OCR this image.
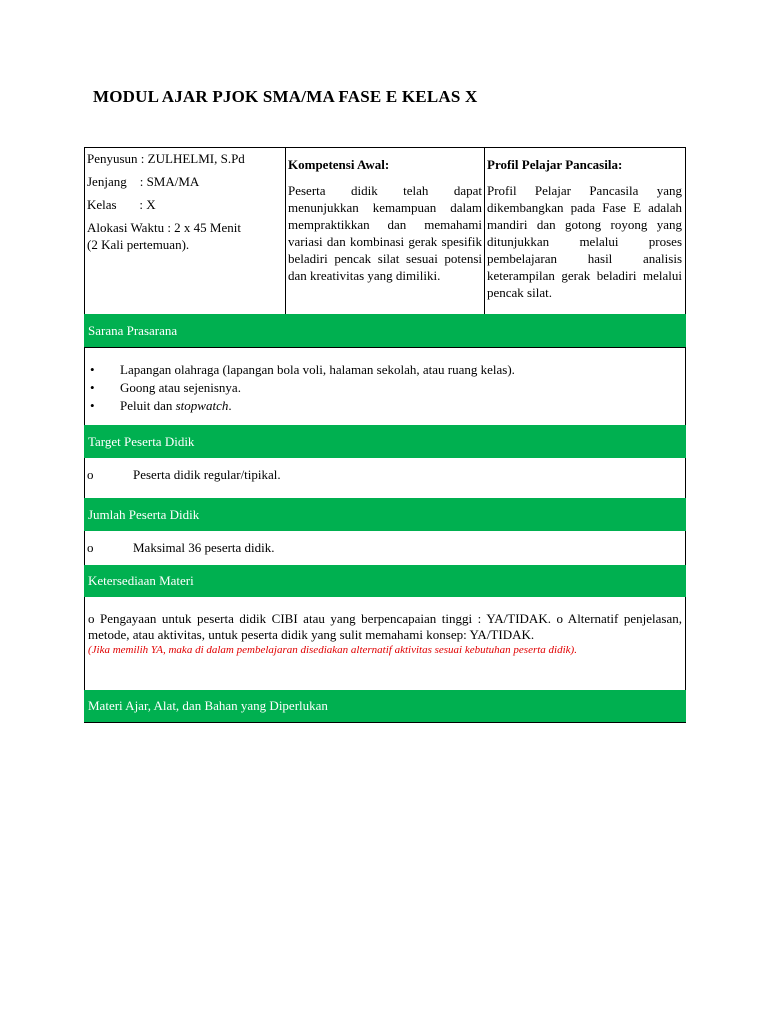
MODUL AJAR PJOK SMA/MA FASE E KELAS X

Penyusun : ZULHELMI, S.Pd

Jenjang    : SMA/MA

Kelas       : X

Alokasi Waktu : 2 x 45 Menit

(2 Kali pertemuan).

Kompetensi Awal:

Peserta didik telah dapat menunjukkan kemampuan dalam mempraktikkan dan memahami variasi dan kombinasi gerak spesifik beladiri pencak silat sesuai potensi dan kreativitas yang dimiliki.

Profil Pelajar Pancasila:

Profil Pelajar Pancasila yang dikembangkan pada Fase E adalah mandiri dan gotong royong yang ditunjukkan melalui proses pembelajaran hasil analisis keterampilan gerak beladiri melalui pencak silat.

Sarana Prasarana
• Lapangan olahraga (lapangan bola voli, halaman sekolah, atau ruang kelas).
• Goong atau sejenisnya.
• Peluit dan stopwatch.
Target Peserta Didik
o	Peserta didik regular/tipikal.
Jumlah Peserta Didik
o	Maksimal 36 peserta didik.
Ketersediaan Materi

o Pengayaan untuk peserta didik CIBI atau yang berpencapaian tinggi : YA/TIDAK. o Alternatif penjelasan, metode, atau aktivitas, untuk peserta didik yang sulit memahami konsep: YA/TIDAK.

(Jika memilih YA, maka di dalam pembelajaran disediakan alternatif aktivitas sesuai kebutuhan peserta didik).

Materi Ajar, Alat, dan Bahan yang Diperlukan
